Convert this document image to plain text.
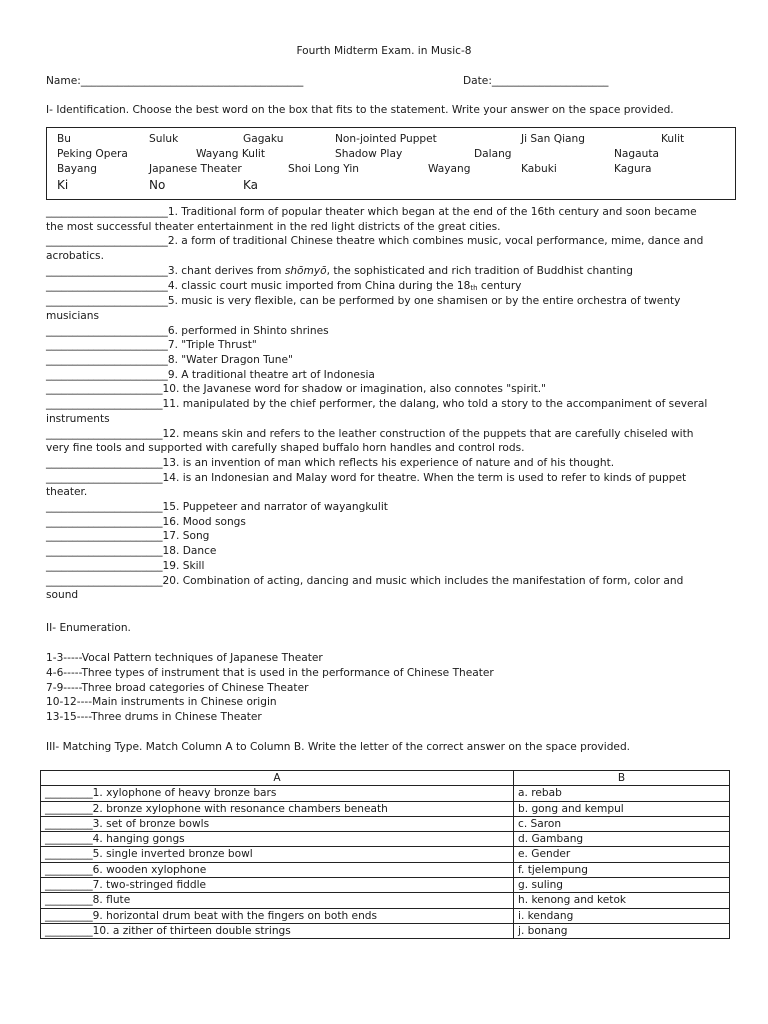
Fourth Midterm Exam. in Music-8
Name:__________________________________________	Date:______________________
I- Identification. Choose the best word on the box that fits to the statement. Write your answer on the space provided.
Bu	Suluk	Gagaku	Non-jointed Puppet	Ji San Qiang	Kulit
Peking Opera	Wayang Kulit	Shadow Play	Dalang	Nagauta
Bayang	Japanese Theater	Shoi Long Yin	Wayang	Kabuki	Kagura
Ki	No	Ka
_______________________1. Traditional form of popular theater which began at the end of the 16th century and soon became the most successful theater entertainment in the red light districts of the great cities.
_______________________2. a form of traditional Chinese theatre which combines music, vocal performance, mime, dance and acrobatics.
_______________________3. chant derives from shōmyō, the sophisticated and rich tradition of Buddhist chanting
_______________________4. classic court music imported from China during the $18_{th}$ century
_______________________5. music is very flexible, can be performed by one shamisen or by the entire orchestra of twenty musicians
_______________________6. performed in Shinto shrines
_______________________7. "Triple Thrust"
_______________________8. "Water Dragon Tune"
_______________________9. A traditional theatre art of Indonesia
______________________10. the Javanese word for shadow or imagination, also connotes "spirit."
______________________11. manipulated by the chief performer, the dalang, who told a story to the accompaniment of several instruments
______________________12. means skin and refers to the leather construction of the puppets that are carefully chiseled with very fine tools and supported with carefully shaped buffalo horn handles and control rods.
______________________13. is an invention of man which reflects his experience of nature and of his thought.
______________________14. is an Indonesian and Malay word for theatre. When the term is used to refer to kinds of puppet theater.
______________________15. Puppeteer and narrator of wayangkulit
______________________16. Mood songs
______________________17. Song
______________________18. Dance
______________________19. Skill
______________________20. Combination of acting, dancing and music which includes the manifestation of form, color and sound
II- Enumeration.
1-3-----Vocal Pattern techniques of Japanese Theater
4-6-----Three types of instrument that is used in the performance of Chinese Theater
7-9-----Three broad categories of Chinese Theater
10-12----Main instruments in Chinese origin
13-15----Three drums in Chinese Theater
III- Matching Type. Match Column A to Column B. Write the letter of the correct answer on the space provided.
A	B
_________1. xylophone of heavy bronze bars	a. rebab
_________2. bronze xylophone with resonance chambers beneath	b. gong and kempul
_________3. set of bronze bowls	c. Saron
_________4. hanging gongs	d. Gambang
_________5. single inverted bronze bowl	e. Gender
_________6. wooden xylophone	f. tjelempung
_________7. two-stringed fiddle	g. suling
_________8. flute	h. kenong and ketok
_________9. horizontal drum beat with the fingers on both ends	i. kendang
_________10. a zither of thirteen double strings	j. bonang
